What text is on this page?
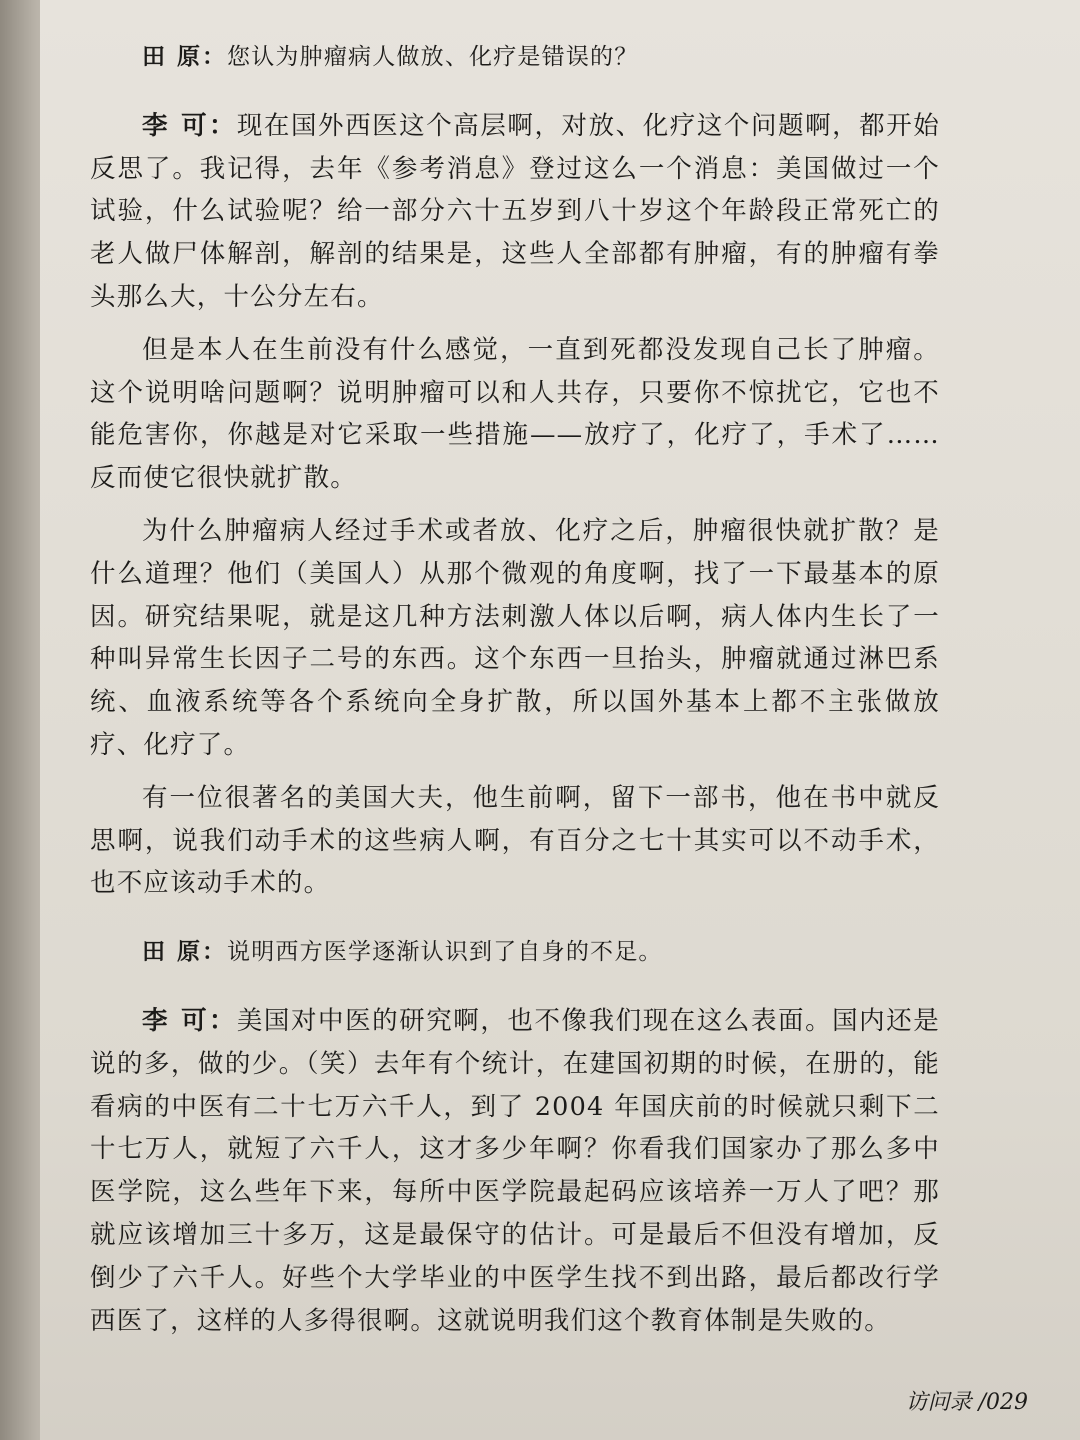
田 原：您认为肿瘤病人做放、化疗是错误的？

李 可：现在国外西医这个高层啊，对放、化疗这个问题啊，都开始反思了。我记得，去年《参考消息》登过这么一个消息：美国做过一个试验，什么试验呢？给一部分六十五岁到八十岁这个年龄段正常死亡的老人做尸体解剖，解剖的结果是，这些人全部都有肿瘤，有的肿瘤有拳头那么大，十公分左右。

但是本人在生前没有什么感觉，一直到死都没发现自己长了肿瘤。这个说明啥问题啊？说明肿瘤可以和人共存，只要你不惊扰它，它也不能危害你，你越是对它采取一些措施——放疗了，化疗了，手术了……反而使它很快就扩散。

为什么肿瘤病人经过手术或者放、化疗之后，肿瘤很快就扩散？是什么道理？他们（美国人）从那个微观的角度啊，找了一下最基本的原因。研究结果呢，就是这几种方法刺激人体以后啊，病人体内生长了一种叫异常生长因子二号的东西。这个东西一旦抬头，肿瘤就通过淋巴系统、血液系统等各个系统向全身扩散，所以国外基本上都不主张做放疗、化疗了。

有一位很著名的美国大夫，他生前啊，留下一部书，他在书中就反思啊，说我们动手术的这些病人啊，有百分之七十其实可以不动手术，也不应该动手术的。

田 原：说明西方医学逐渐认识到了自身的不足。

李 可：美国对中医的研究啊，也不像我们现在这么表面。国内还是说的多，做的少。（笑）去年有个统计，在建国初期的时候，在册的，能看病的中医有二十七万六千人，到了 2004 年国庆前的时候就只剩下二十七万人，就短了六千人，这才多少年啊？你看我们国家办了那么多中医学院，这么些年下来，每所中医学院最起码应该培养一万人了吧？那就应该增加三十多万，这是最保守的估计。可是最后不但没有增加，反倒少了六千人。好些个大学毕业的中医学生找不到出路，最后都改行学西医了，这样的人多得很啊。这就说明我们这个教育体制是失败的。

访问录 /029
